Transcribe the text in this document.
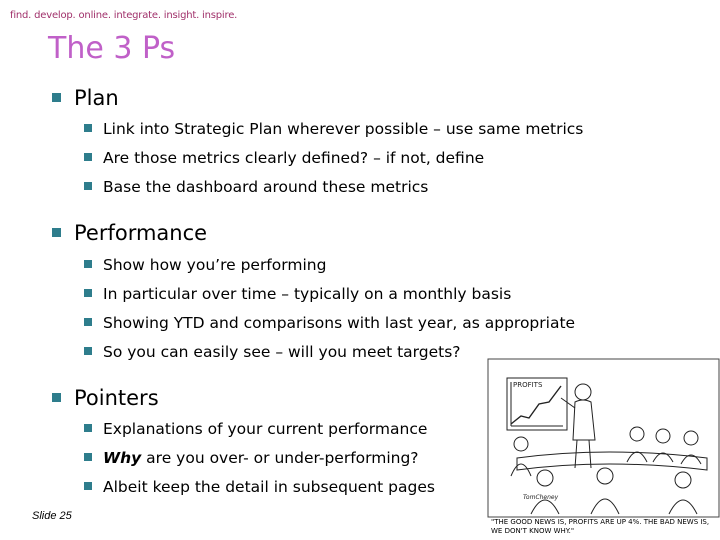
find. develop. online. integrate. insight. inspire.
The 3 Ps
Plan
Link into Strategic Plan wherever possible – use same metrics
Are those metrics clearly defined? – if not, define
Base the dashboard around these metrics
Performance
Show how you’re performing
In particular over time – typically on a monthly basis
Showing YTD and comparisons with last year, as appropriate
So you can easily see – will you meet targets?
Pointers
Explanations of your current performance
Why are you over- or under-performing?
Albeit keep the detail in subsequent pages
Slide 25
PROFITS
TomCheney
"THE GOOD NEWS IS, PROFITS ARE UP 4%. THE BAD NEWS IS, WE DON'T KNOW WHY."
